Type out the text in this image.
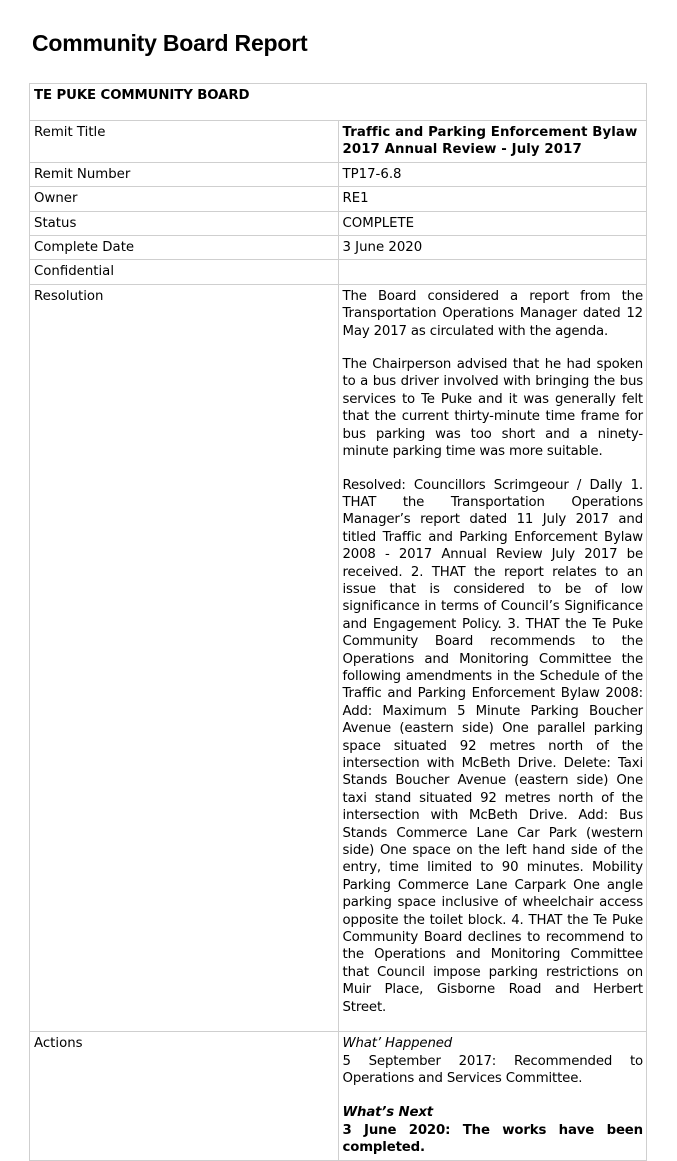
Community Board Report
TE PUKE COMMUNITY BOARD	
Remit Title	Traffic and Parking Enforcement Bylaw 2017 Annual Review - July 2017
Remit Number	TP17-6.8
Owner	RE1
Status	COMPLETE
Complete Date	3 June 2020
Confidential	
Resolution	The Board considered a report from the Transportation Operations Manager dated 12 May 2017 as circulated with the agenda.

The Chairperson advised that he had spoken to a bus driver involved with bringing the bus services to Te Puke and it was generally felt that the current thirty-minute time frame for bus parking was too short and a ninety-minute parking time was more suitable.

Resolved: Councillors Scrimgeour / Dally 1. THAT the Transportation Operations Manager’s report dated 11 July 2017 and titled Traffic and Parking Enforcement Bylaw 2008 - 2017 Annual Review July 2017 be received. 2. THAT the report relates to an issue that is considered to be of low significance in terms of Council’s Significance and Engagement Policy. 3. THAT the Te Puke Community Board recommends to the Operations and Monitoring Committee the following amendments in the Schedule of the Traffic and Parking Enforcement Bylaw 2008: Add: Maximum 5 Minute Parking Boucher Avenue (eastern side) One parallel parking space situated 92 metres north of the intersection with McBeth Drive. Delete: Taxi Stands Boucher Avenue (eastern side) One taxi stand situated 92 metres north of the intersection with McBeth Drive. Add: Bus Stands Commerce Lane Car Park (western side) One space on the left hand side of the entry, time limited to 90 minutes. Mobility Parking Commerce Lane Carpark One angle parking space inclusive of wheelchair access opposite the toilet block. 4. THAT the Te Puke Community Board declines to recommend to the Operations and Monitoring Committee that Council impose parking restrictions on Muir Place, Gisborne Road and Herbert Street.

Actions	What’ Happened

5 September 2017: Recommended to Operations and Services Committee.

What’s Next

3 June 2020: The works have been completed.
